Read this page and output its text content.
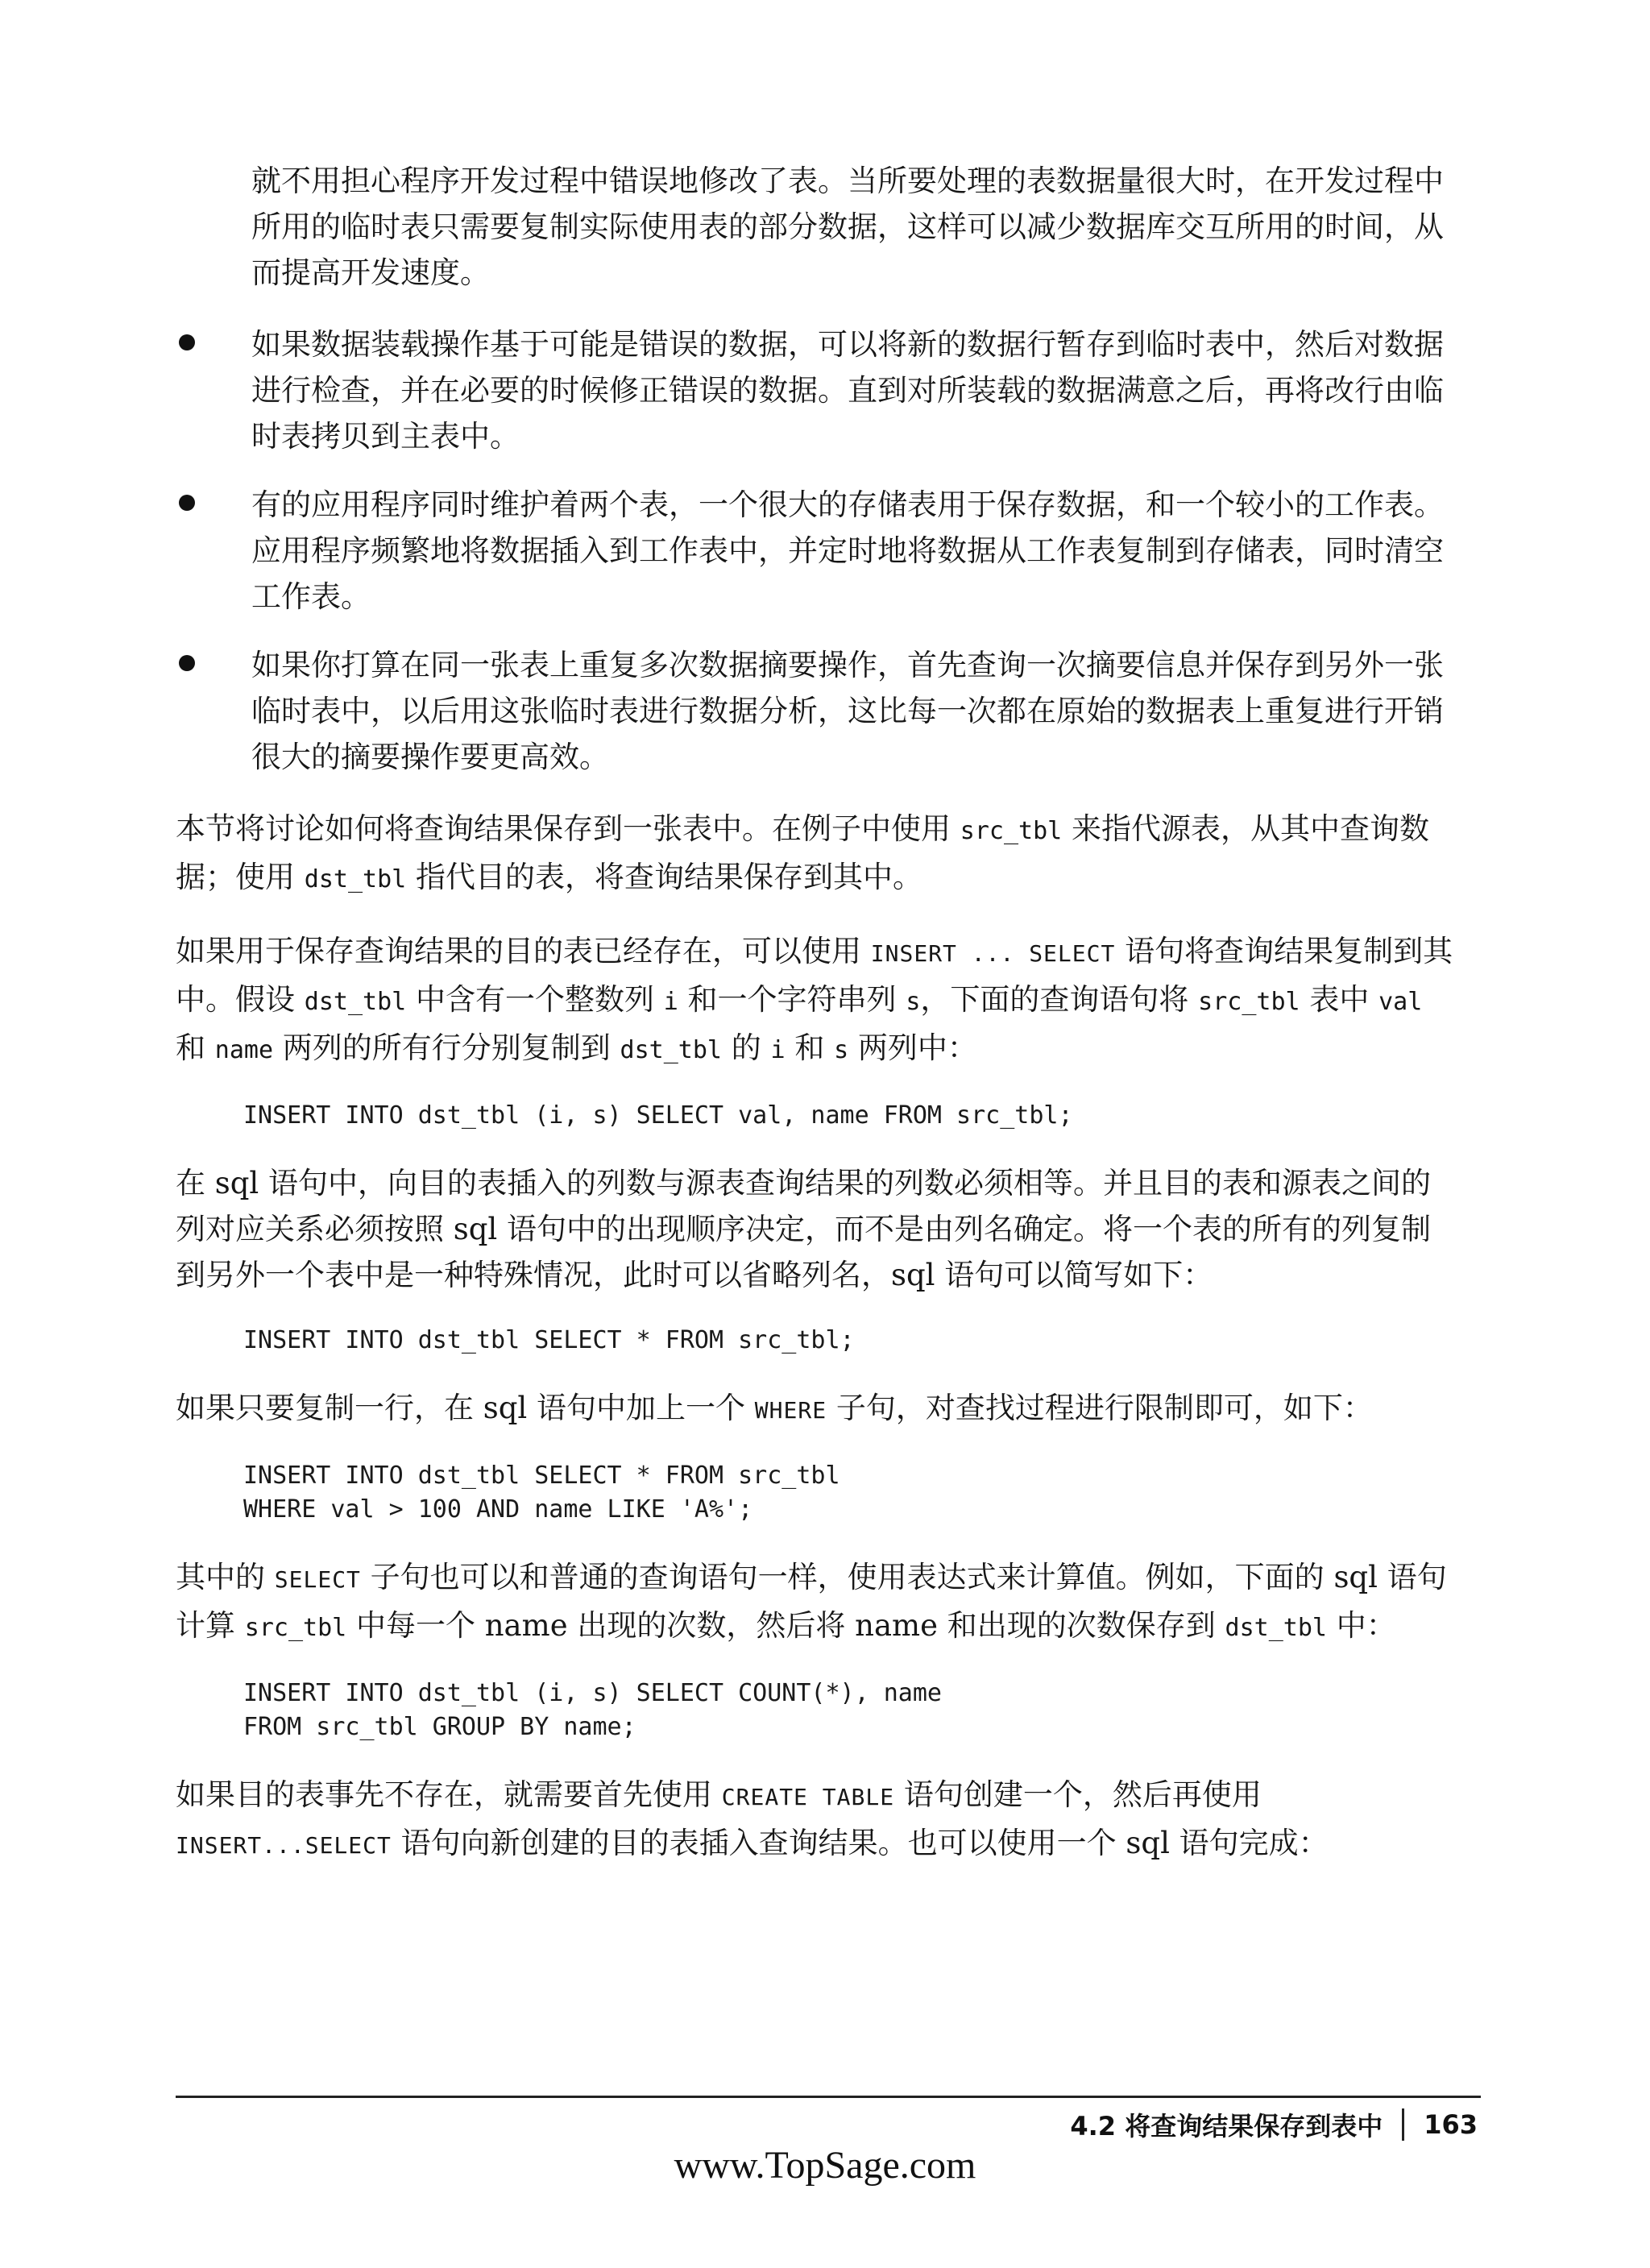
就不用担心程序开发过程中错误地修改了表。当所要处理的表数据量很大时，在开发过程中所用的临时表只需要复制实际使用表的部分数据，这样可以减少数据库交互所用的时间，从而提高开发速度。

如果数据装载操作基于可能是错误的数据，可以将新的数据行暂存到临时表中，然后对数据进行检查，并在必要的时候修正错误的数据。直到对所装载的数据满意之后，再将改行由临时表拷贝到主表中。
有的应用程序同时维护着两个表，一个很大的存储表用于保存数据，和一个较小的工作表。应用程序频繁地将数据插入到工作表中，并定时地将数据从工作表复制到存储表，同时清空工作表。
如果你打算在同一张表上重复多次数据摘要操作，首先查询一次摘要信息并保存到另外一张临时表中，以后用这张临时表进行数据分析，这比每一次都在原始的数据表上重复进行开销很大的摘要操作要更高效。

本节将讨论如何将查询结果保存到一张表中。在例子中使用 src_tbl 来指代源表，从其中查询数据；使用 dst_tbl 指代目的表，将查询结果保存到其中。

如果用于保存查询结果的目的表已经存在，可以使用 INSERT ... SELECT 语句将查询结果复制到其中。假设 dst_tbl 中含有一个整数列 i 和一个字符串列 s，下面的查询语句将 src_tbl 表中 val 和 name 两列的所有行分别复制到 dst_tbl 的 i 和 s 两列中：

INSERT INTO dst_tbl (i, s) SELECT val, name FROM src_tbl;

在 sql 语句中，向目的表插入的列数与源表查询结果的列数必须相等。并且目的表和源表之间的列对应关系必须按照 sql 语句中的出现顺序决定，而不是由列名确定。将一个表的所有的列复制到另外一个表中是一种特殊情况，此时可以省略列名，sql 语句可以简写如下：

INSERT INTO dst_tbl SELECT * FROM src_tbl;

如果只要复制一行，在 sql 语句中加上一个 WHERE 子句，对查找过程进行限制即可，如下：

INSERT INTO dst_tbl SELECT * FROM src_tbl
WHERE val > 100 AND name LIKE 'A%';

其中的 SELECT 子句也可以和普通的查询语句一样，使用表达式来计算值。例如，下面的 sql 语句计算 src_tbl 中每一个 name 出现的次数，然后将 name 和出现的次数保存到 dst_tbl 中：

INSERT INTO dst_tbl (i, s) SELECT COUNT(*), name
FROM src_tbl GROUP BY name;

如果目的表事先不存在，就需要首先使用 CREATE TABLE 语句创建一个，然后再使用 INSERT...SELECT 语句向新创建的目的表插入查询结果。也可以使用一个 sql 语句完成：

4.2 将查询结果保存到表中 163
www.TopSage.com
